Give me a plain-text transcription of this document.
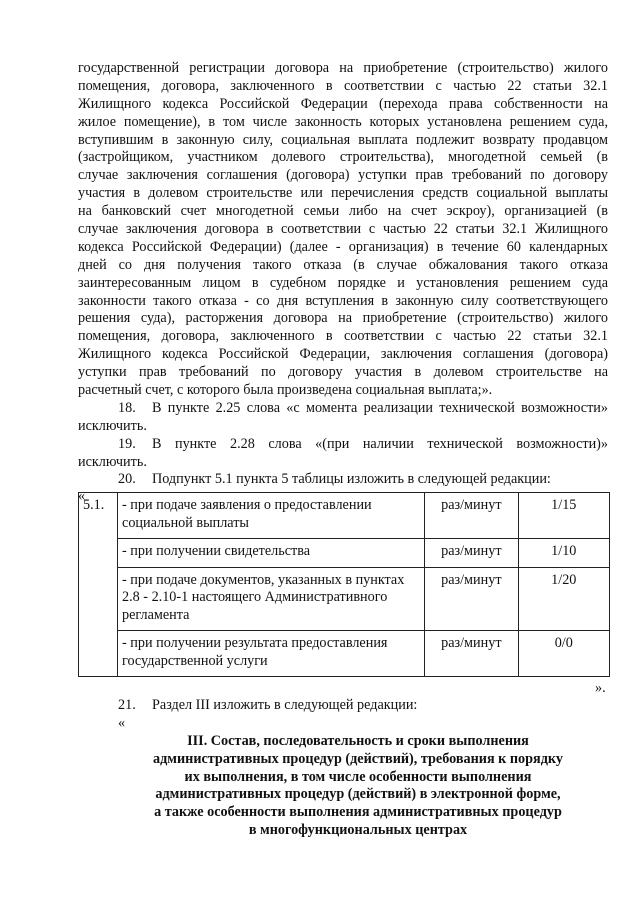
государственной регистрации договора на приобретение (строительство) жилого
помещения, договора, заключенного в соответствии с частью 22 статьи 32.1
Жилищного кодекса Российской Федерации (перехода права собственности на
жилое помещение), в том числе законность которых установлена решением суда,
вступившим в законную силу, социальная выплата подлежит возврату продавцом
(застройщиком, участником долевого строительства), многодетной семьей (в
случае заключения соглашения (договора) уступки прав требований по договору
участия в долевом строительстве или перечисления средств социальной выплаты
на банковский счет многодетной семьи либо на счет эскроу), организацией (в
случае заключения договора в соответствии с частью 22 статьи 32.1 Жилищного
кодекса Российской Федерации) (далее - организация) в течение 60 календарных
дней со дня получения такого отказа (в случае обжалования такого отказа
заинтересованным лицом в судебном порядке и установления решением суда
законности такого отказа - со дня вступления в законную силу соответствующего
решения суда), расторжения договора на приобретение (строительство) жилого
помещения, договора, заключенного в соответствии с частью 22 статьи 32.1
Жилищного кодекса Российской Федерации, заключения соглашения (договора)
уступки прав требований по договору участия в долевом строительстве на
расчетный счет, с которого была произведена социальная выплата;».
18. В пункте 2.25 слова «с момента реализации технической возможности»
исключить.
19. В пункте 2.28 слова «(при наличии технической возможности)»
исключить.
20. Подпункт 5.1 пункта 5 таблицы изложить в следующей редакции:
«
5.1.	- при подаче заявления о предоставлении социальной выплаты	раз/минут	1/15
	- при получении свидетельства	раз/минут	1/10
	- при подаче документов, указанных в пунктах 2.8 - 2.10-1 настоящего Административного регламента	раз/минут	1/20
	- при получении результата предоставления государственной услуги	раз/минут	0/0
».
21. Раздел III изложить в следующей редакции:
«
III. Состав, последовательность и сроки выполнения
административных процедур (действий), требования к порядку
их выполнения, в том числе особенности выполнения
административных процедур (действий) в электронной форме,
а также особенности выполнения административных процедур
в многофункциональных центрах
